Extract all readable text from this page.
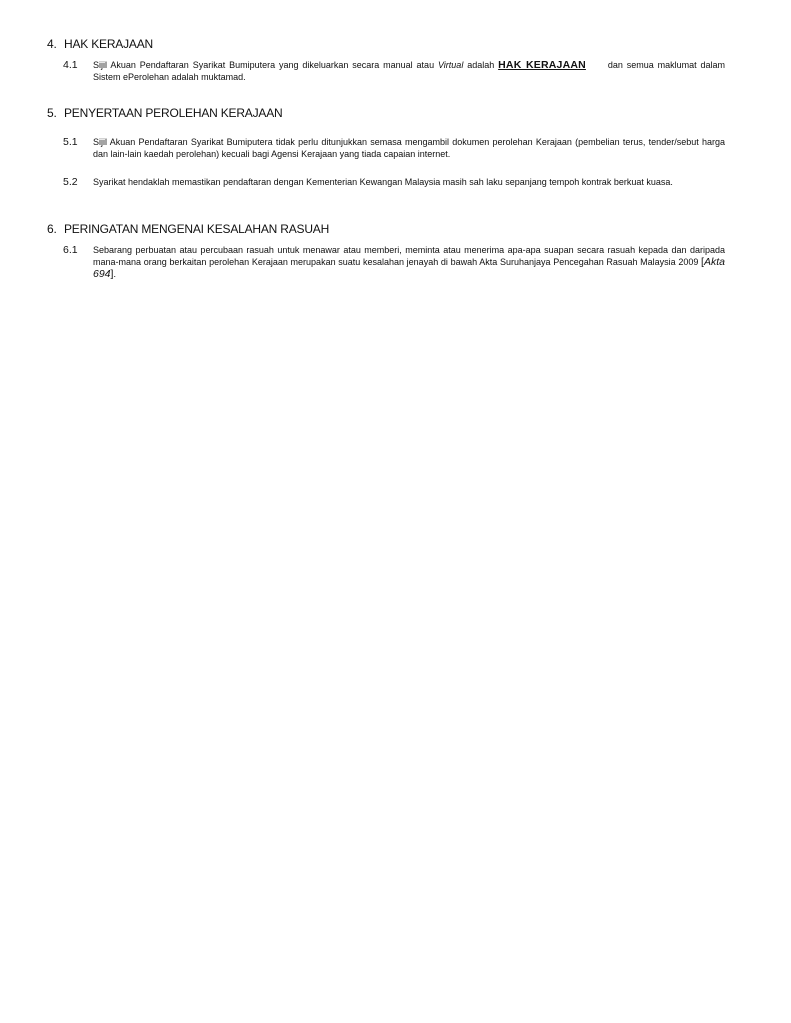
4. HAK KERAJAAN
4.1 Sijil Akuan Pendaftaran Syarikat Bumiputera yang dikeluarkan secara manual atau Virtual adalah HAK KERAJAAN dan semua maklumat dalam Sistem ePerolehan adalah muktamad.
5. PENYERTAAN PEROLEHAN KERAJAAN
5.1 Sijil Akuan Pendaftaran Syarikat Bumiputera tidak perlu ditunjukkan semasa mengambil dokumen perolehan Kerajaan (pembelian terus, tender/sebut harga dan lain-lain kaedah perolehan) kecuali bagi Agensi Kerajaan yang tiada capaian internet.
5.2 Syarikat hendaklah memastikan pendaftaran dengan Kementerian Kewangan Malaysia masih sah laku sepanjang tempoh kontrak berkuat kuasa.
6. PERINGATAN MENGENAI KESALAHAN RASUAH
6.1 Sebarang perbuatan atau percubaan rasuah untuk menawar atau memberi, meminta atau menerima apa-apa suapan secara rasuah kepada dan daripada mana-mana orang berkaitan perolehan Kerajaan merupakan suatu kesalahan jenayah di bawah Akta Suruhanjaya Pencegahan Rasuah Malaysia 2009 [Akta 694].
